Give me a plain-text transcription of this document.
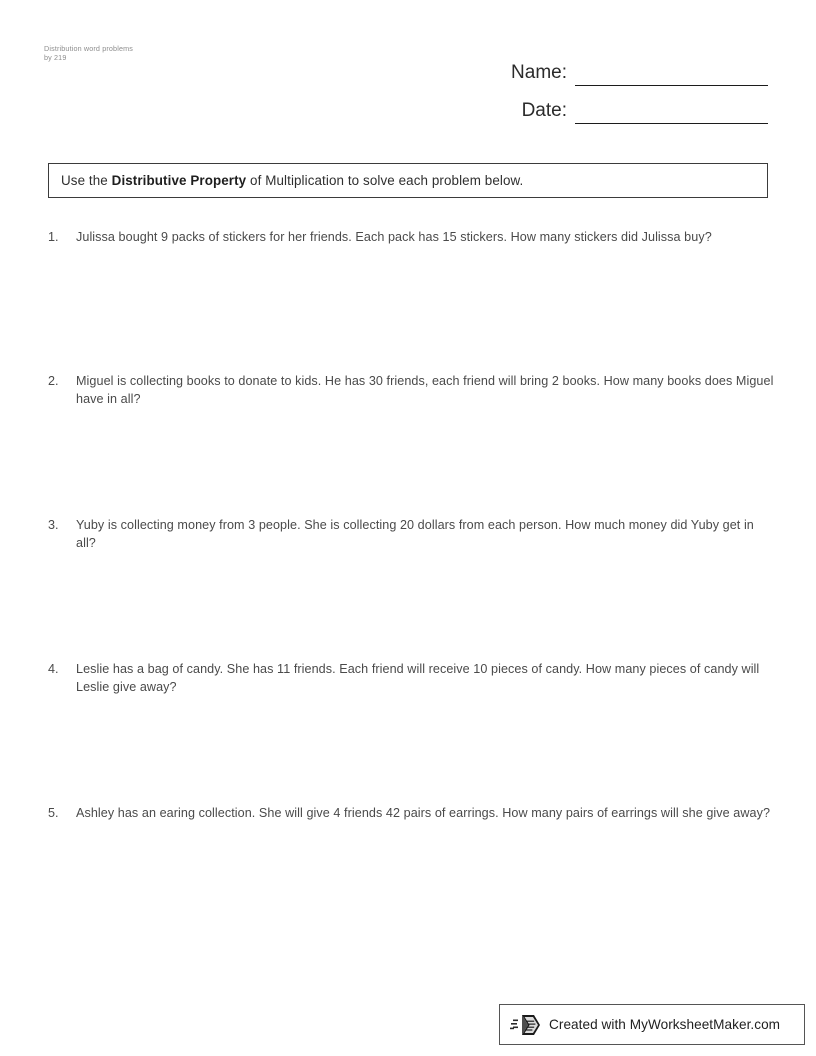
Distribution word problems
by 219
Name:
Date:
Use the Distributive Property of Multiplication to solve each problem below.
1.	Julissa bought 9 packs of stickers for her friends. Each pack has 15 stickers. How many stickers did Julissa buy?
2.	Miguel is collecting books to donate to kids. He has 30 friends, each friend will bring 2 books. How many books does Miguel have in all?
3.	Yuby is collecting money from 3 people. She is collecting 20 dollars from each person. How much money did Yuby get in all?
4.	Leslie has a bag of candy. She has 11 friends. Each friend will receive 10 pieces of candy. How many pieces of candy will Leslie give away?
5.	Ashley has an earing collection. She will give 4 friends 42 pairs of earrings. How many pairs of earrings will she give away?
Created with MyWorksheetMaker.com
